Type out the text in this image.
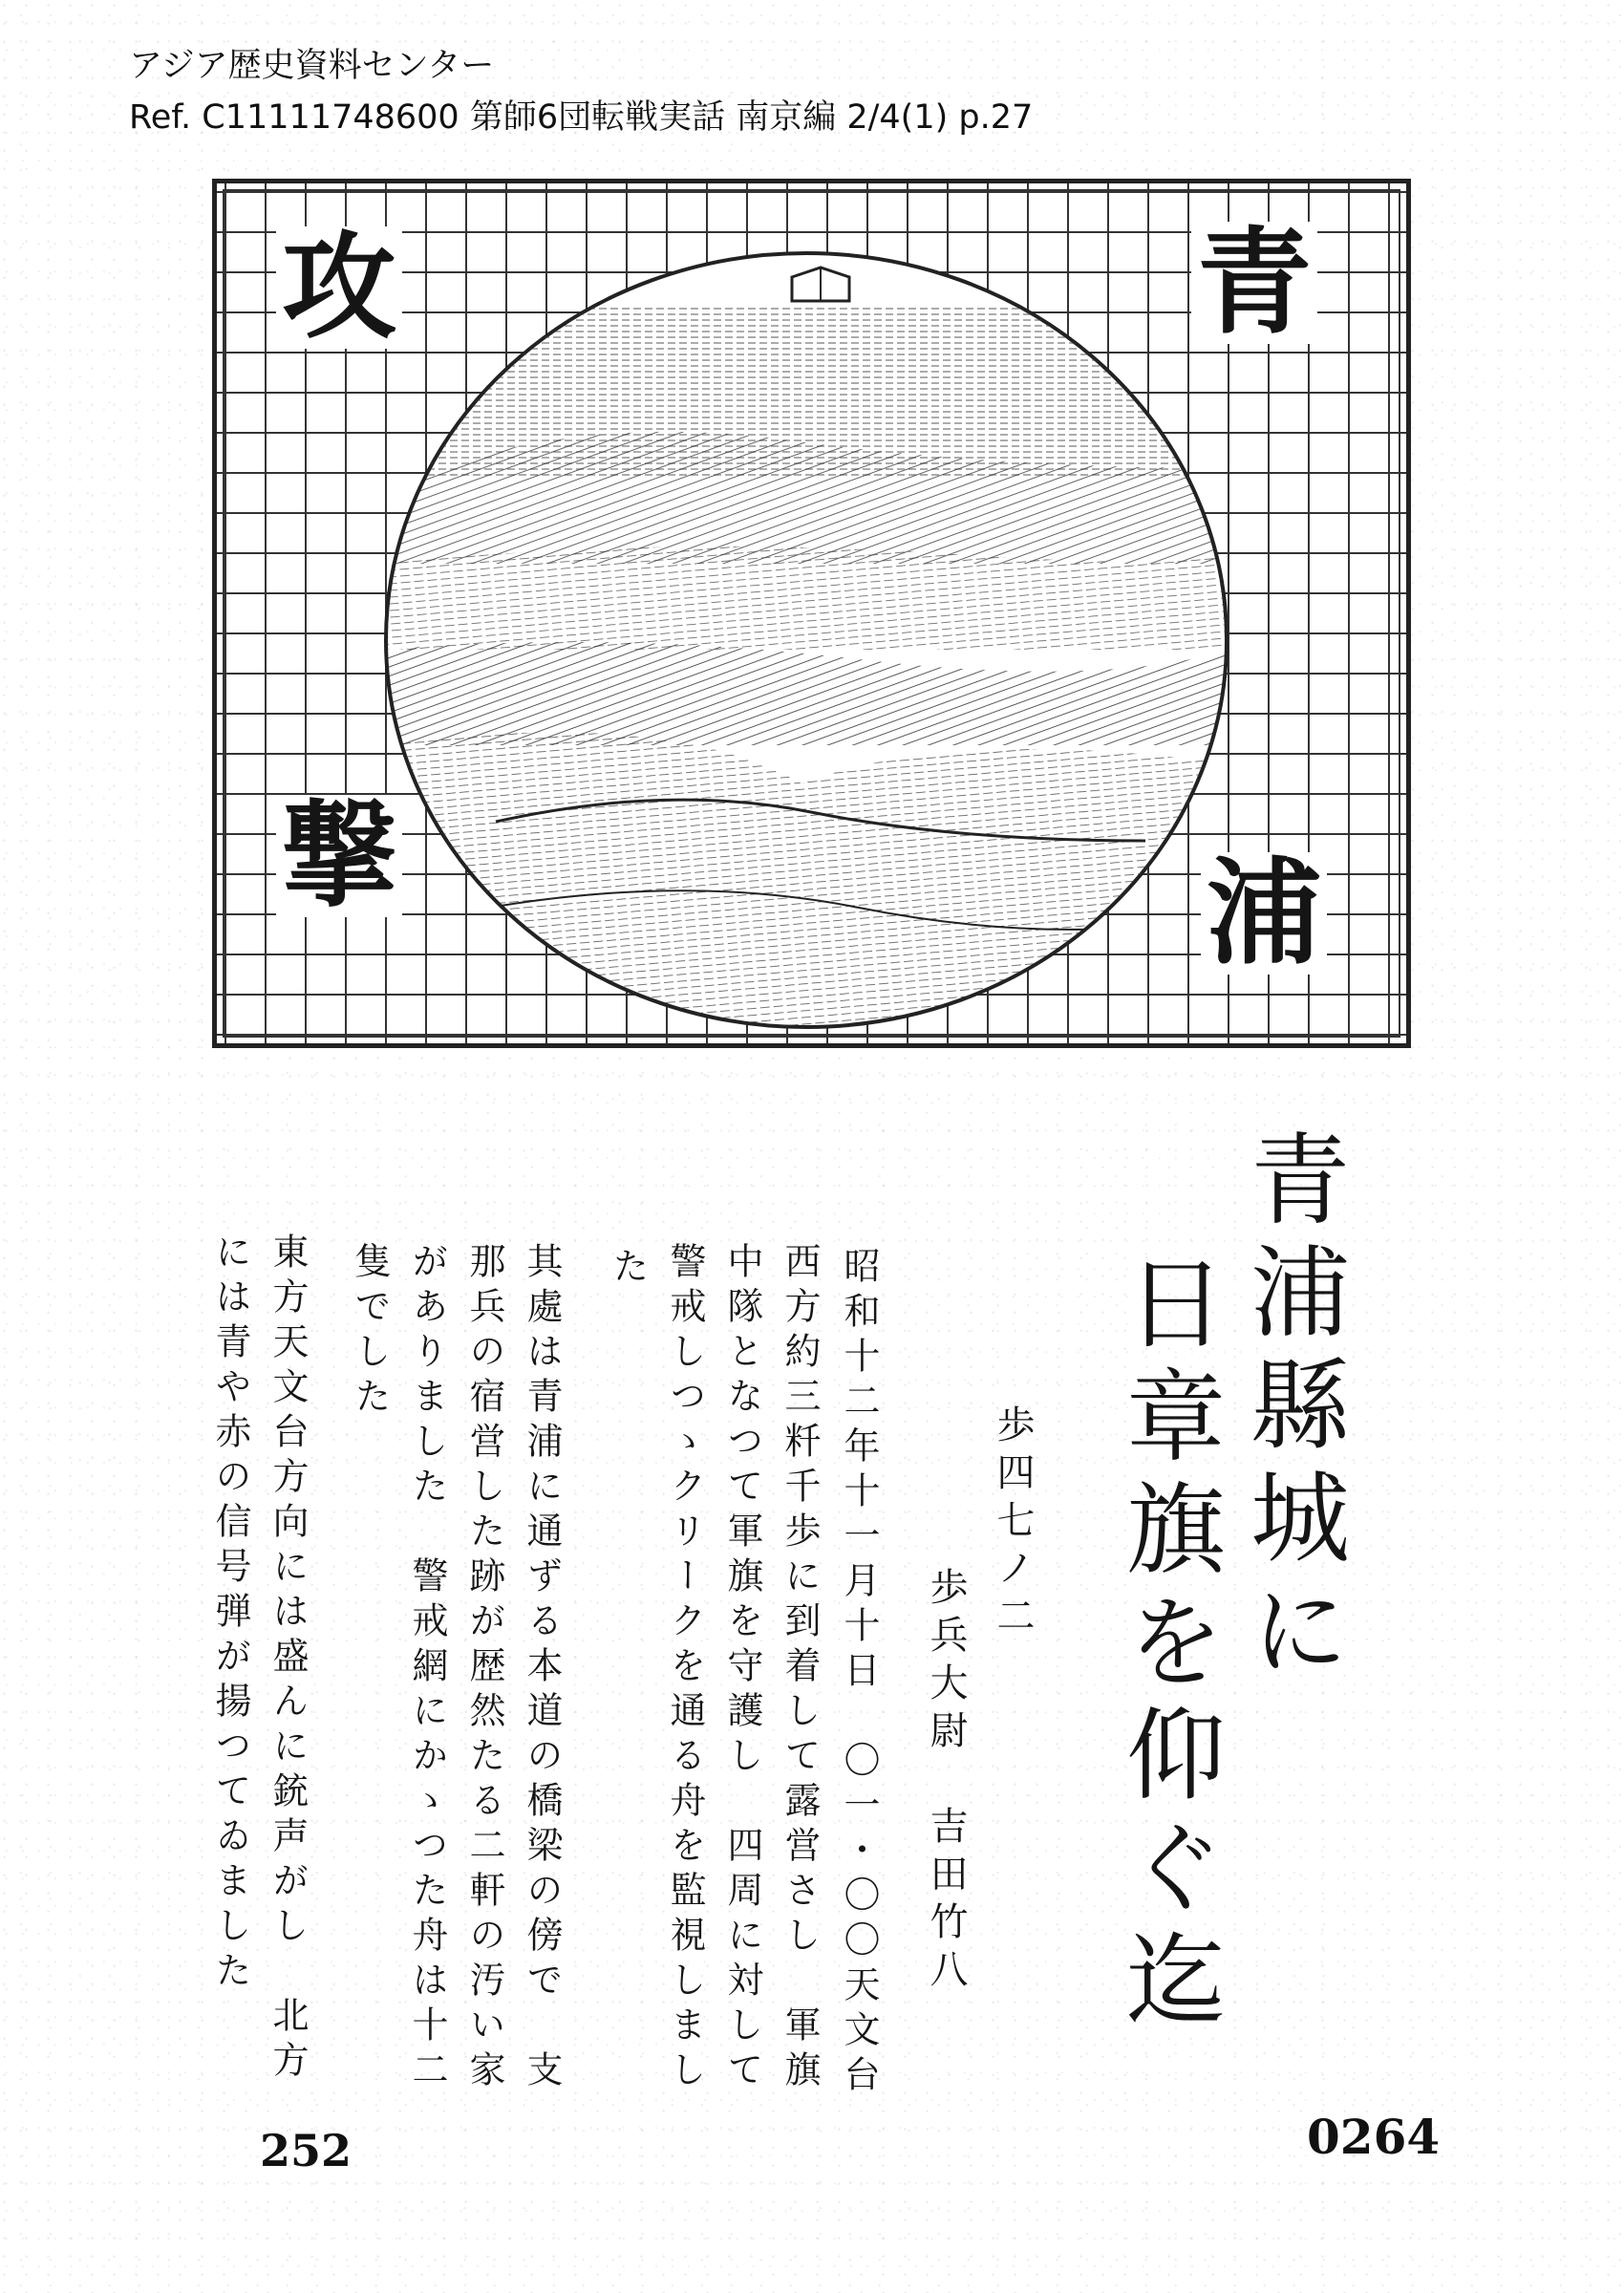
アジア歴史資料センター
Ref. C11111748600 第師6団転戦実話 南京編 2/4(1) p.27
青
浦
攻
撃
青浦縣城に
日章旗を仰ぐ迄
歩四七ノ二
歩兵大尉　吉田竹八
昭和十二年十一月十日　〇一・〇〇天文台
西方約三粁千歩に到着して露営さし　軍旗
中隊となつて軍旗を守護し　四周に対して
警戒しつゝクリークを通る舟を監視しまし
た
其處は青浦に通ずる本道の橋梁の傍で　支
那兵の宿営した跡が歴然たる二軒の汚い家
がありました　警戒網にかゝつた舟は十二
隻でした
東方天文台方向には盛んに銃声がし　北方
には青や赤の信号弾が揚つてゐました
252	0264
